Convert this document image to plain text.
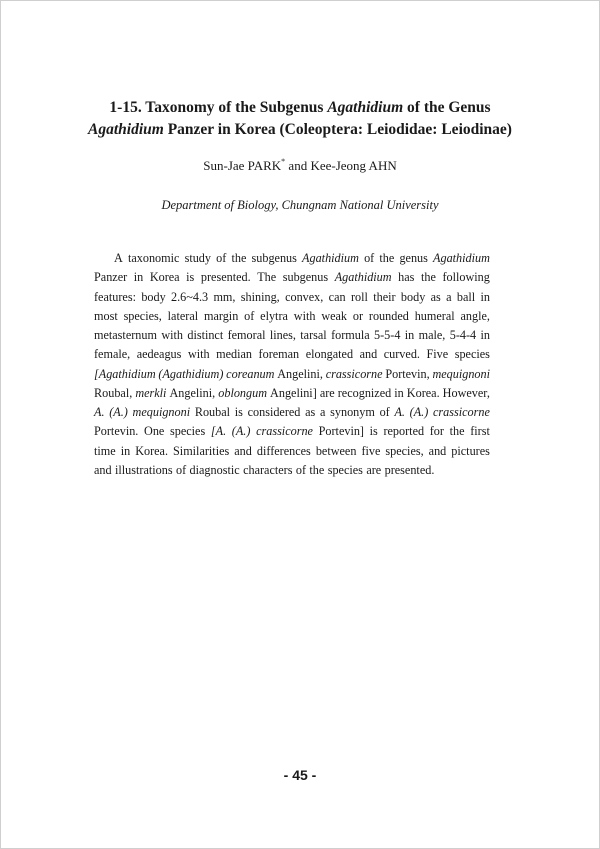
1-15. Taxonomy of the Subgenus Agathidium of the Genus
Agathidium Panzer in Korea (Coleoptera: Leiodidae: Leiodinae)
Sun-Jae PARK* and Kee-Jeong AHN
Department of Biology, Chungnam National University
A taxonomic study of the subgenus Agathidium of the genus Agathidium
Panzer in Korea is presented. The subgenus Agathidium has the following
features: body 2.6~4.3 mm, shining, convex, can roll their body as a ball in
most species, lateral margin of elytra with weak or rounded humeral angle,
metasternum with distinct femoral lines, tarsal formula 5-5-4 in male, 5-4-4 in
female, aedeagus with median foreman elongated and curved. Five species
[Agathidium (Agathidium) coreanum Angelini, crassicorne Portevin, mequignoni
Roubal, merkli Angelini, oblongum Angelini] are recognized in Korea. However,
A. (A.) mequignoni Roubal is considered as a synonym of A. (A.) crassicorne
Portevin. One species [A. (A.) crassicorne Portevin] is reported for the first
time in Korea. Similarities and differences between five species, and pictures
and illustrations of diagnostic characters of the species are presented.
- 45 -
